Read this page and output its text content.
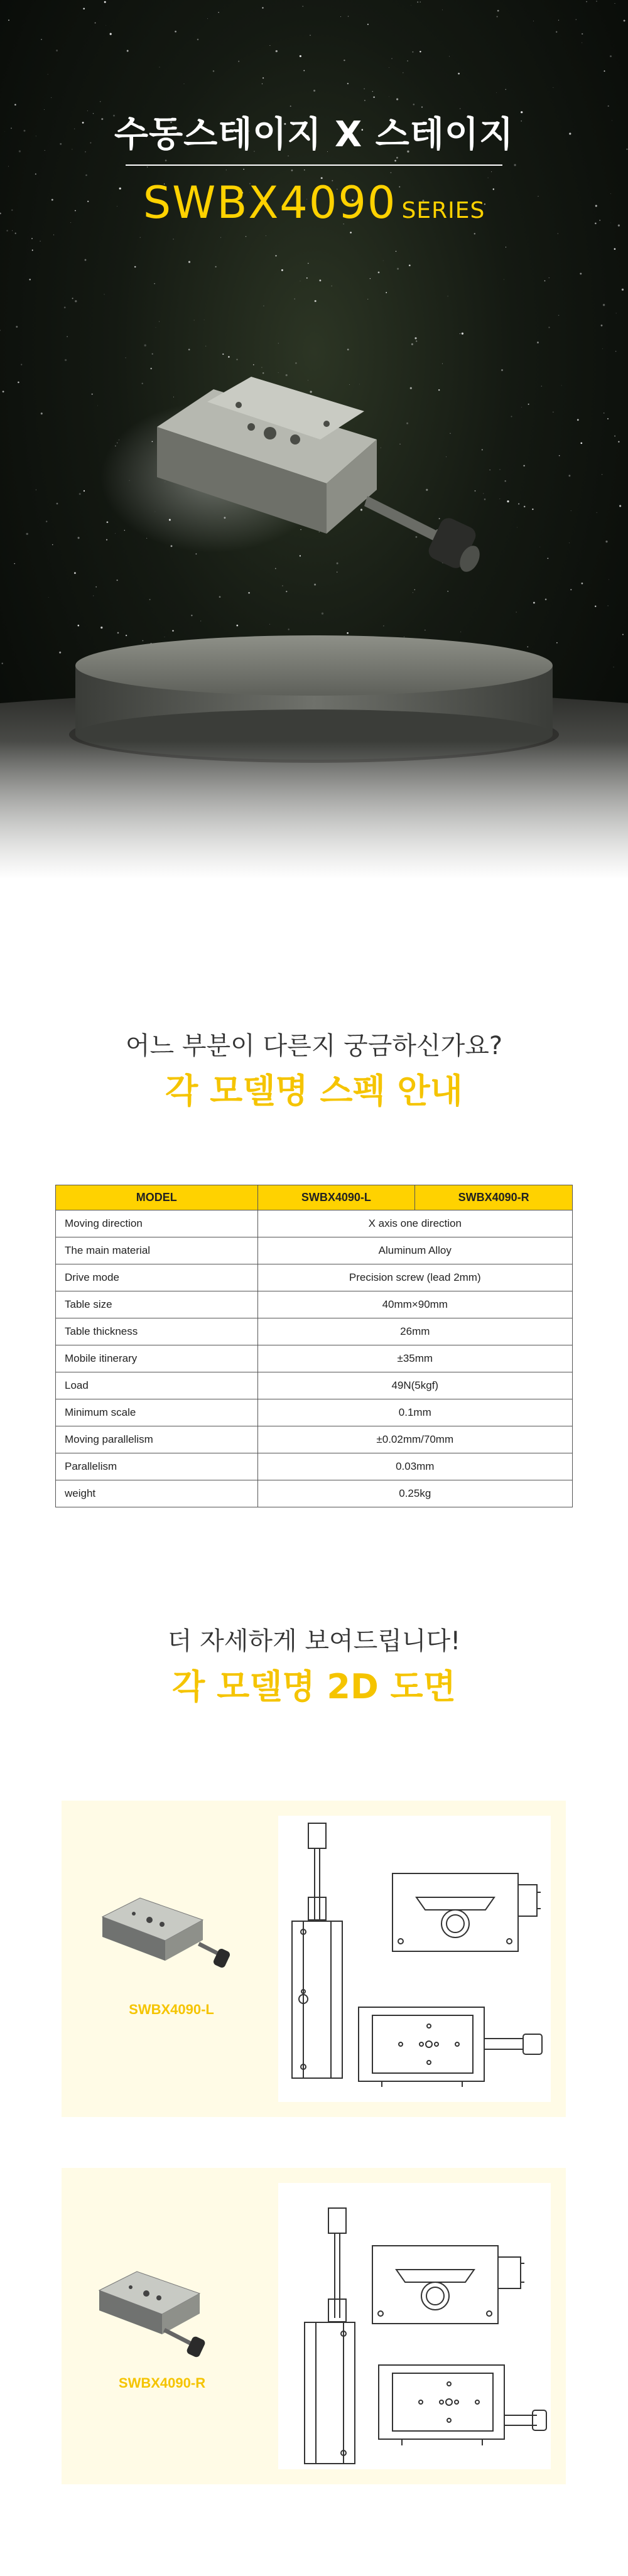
수동스테이지 X 스테이지
SWBX4090 SERIES
어느 부분이 다른지 궁금하신가요?
각 모델명 스펙 안내
MODEL	SWBX4090-L	SWBX4090-R
Moving direction	X axis one direction	
The main material	Aluminum Alloy	
Drive mode	Precision screw (lead 2mm)	
Table size	40mm×90mm	
Table thickness	26mm	
Mobile itinerary	±35mm	
Load	49N(5kgf)	
Minimum scale	0.1mm	
Moving parallelism	±0.02mm/70mm	
Parallelism	0.03mm	
weight	0.25kg	
더 자세하게 보여드립니다!
각 모델명 2D 도면
SWBX4090-L
SWBX4090-R
